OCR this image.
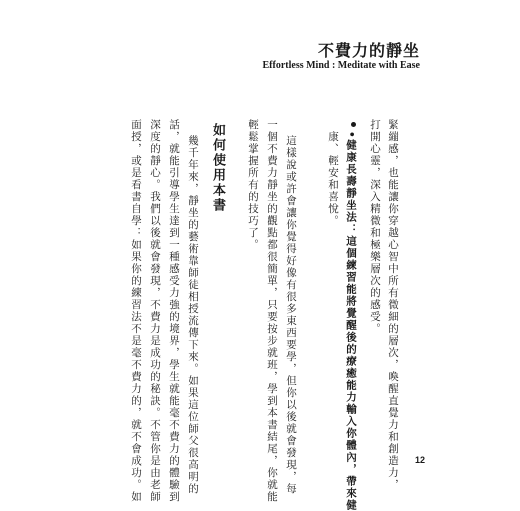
不費力的靜坐
Effortless Mind : Meditate with Ease
緊繃感，也能讓你穿越心智中所有微細的層次，喚醒直覺力和創造力，
打開心靈，深入精微和極樂層次的感受。
•健康長壽靜坐法：這個練習能將覺醒後的療癒能力輸入你體內，帶來健
康、輕安和喜悅。
這樣說或許會讓你覺得好像有很多東西要學，但你以後就會發現，每
一個不費力靜坐的觀點都很簡單，只要按步就班，學到本書結尾，你就能
輕鬆掌握所有的技巧了。
如何使用本書
幾千年來，靜坐的藝術靠師徒相授流傳下來。如果這位師父很高明的
話，就能引導學生達到一種感受力強的境界，學生就能毫不費力的體驗到
深度的靜心。我們以後就會發現，不費力是成功的秘訣。不管你是由老師
面授，或是看書自學：如果你的練習法不是毫不費力的，就不會成功。如	12
